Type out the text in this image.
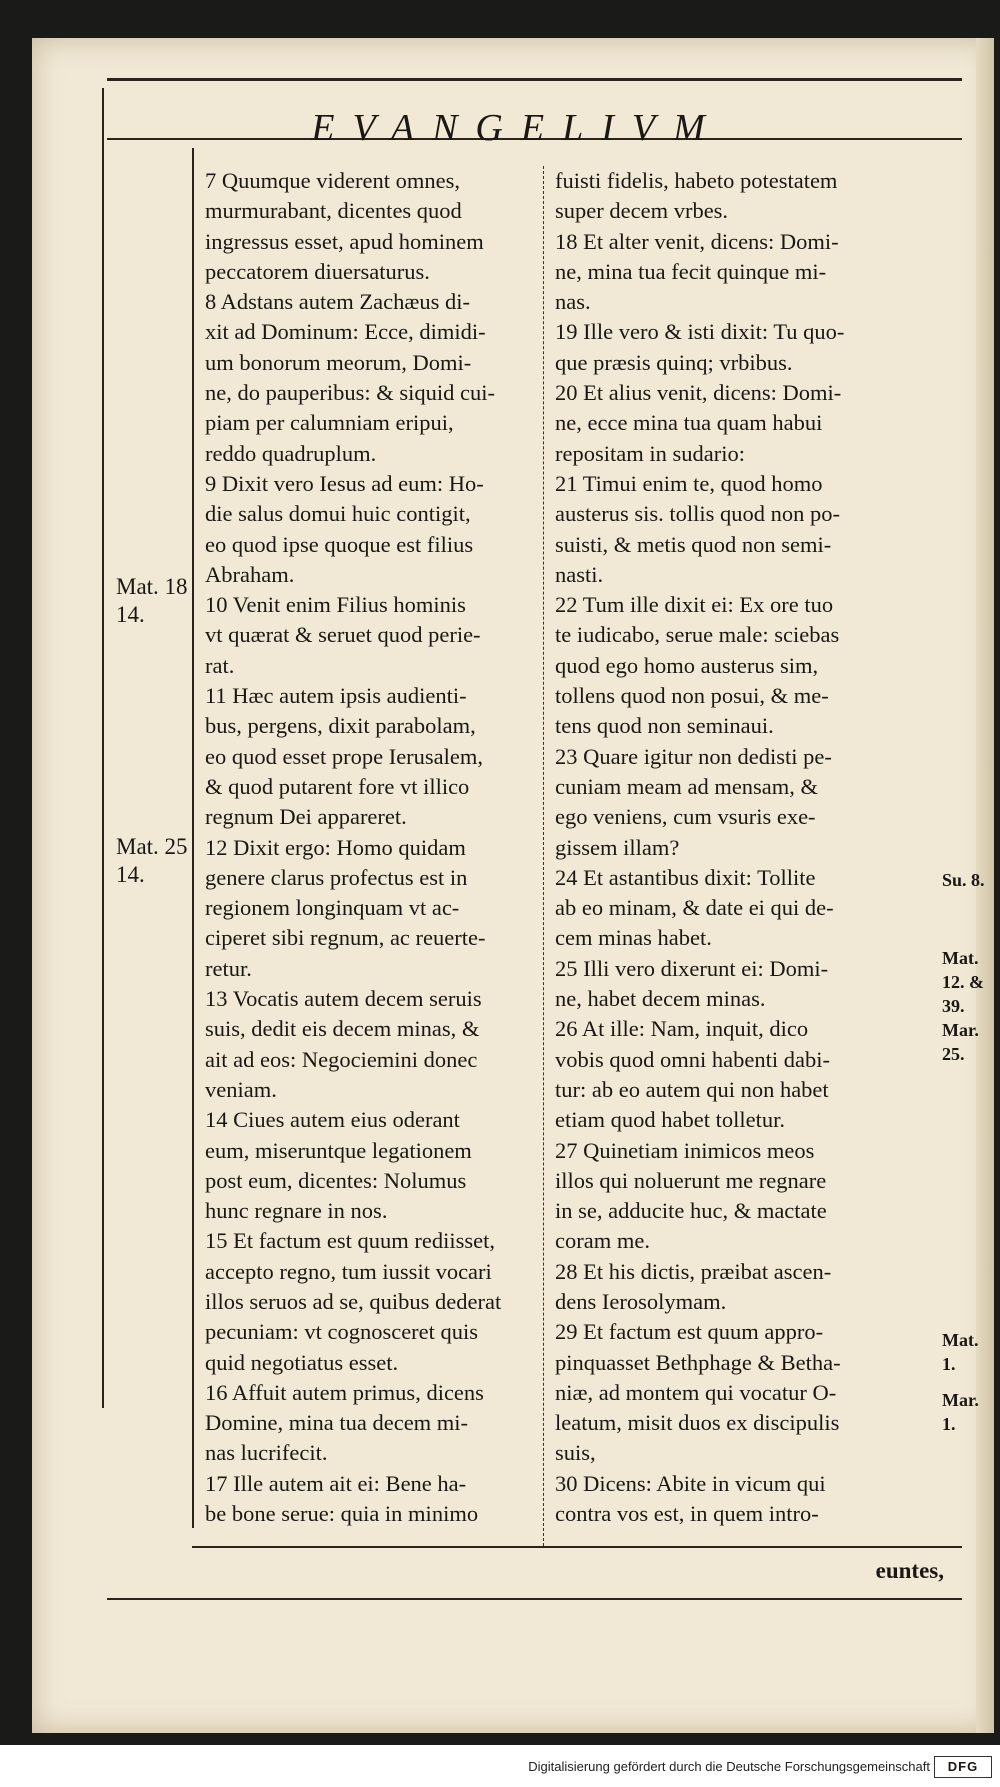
EVANGELIVM
7 Quumque viderent omnes,
murmurabant, dicentes quod
ingressus esset, apud hominem
peccatorem diuersaturus.
8 Adstans autem Zachæus di-
xit ad Dominum: Ecce, dimidi-
um bonorum meorum, Domi-
ne, do pauperibus: & siquid cui-
piam per calumniam eripui,
reddo quadruplum.
9 Dixit vero Iesus ad eum: Ho-
die salus domui huic contigit,
eo quod ipse quoque est filius
Abraham.
10 Venit enim Filius hominis
vt quærat & seruet quod perie-
rat.
11 Hæc autem ipsis audienti-
bus, pergens, dixit parabolam,
eo quod esset prope Ierusalem,
& quod putarent fore vt illico
regnum Dei appareret.
12 Dixit ergo: Homo quidam
genere clarus profectus est in
regionem longinquam vt ac-
ciperet sibi regnum, ac reuerte-
retur.
13 Vocatis autem decem seruis
suis, dedit eis decem minas, &
ait ad eos: Negociemini donec
veniam.
14 Ciues autem eius oderant
eum, miseruntque legationem
post eum, dicentes: Nolumus
hunc regnare in nos.
15 Et factum est quum rediisset,
accepto regno, tum iussit vocari
illos seruos ad se, quibus dederat
pecuniam: vt cognosceret quis
quid negotiatus esset.
16 Affuit autem primus, dicens
Domine, mina tua decem mi-
nas lucrifecit.
17 Ille autem ait ei: Bene ha-
be bone serue: quia in minimo
fuisti fidelis, habeto potestatem
super decem vrbes.
18 Et alter venit, dicens: Domi-
ne, mina tua fecit quinque mi-
nas.
19 Ille vero & isti dixit: Tu quo-
que præsis quinq; vrbibus.
20 Et alius venit, dicens: Domi-
ne, ecce mina tua quam habui
repositam in sudario:
21 Timui enim te, quod homo
austerus sis. tollis quod non po-
suisti, & metis quod non semi-
nasti.
22 Tum ille dixit ei: Ex ore tuo
te iudicabo, serue male: sciebas
quod ego homo austerus sim,
tollens quod non posui, & me-
tens quod non seminaui.
23 Quare igitur non dedisti pe-
cuniam meam ad mensam, &
ego veniens, cum vsuris exe-
gissem illam?
24 Et astantibus dixit: Tollite
ab eo minam, & date ei qui de-
cem minas habet.
25 Illi vero dixerunt ei: Domi-
ne, habet decem minas.
26 At ille: Nam, inquit, dico
vobis quod omni habenti dabi-
tur: ab eo autem qui non habet
etiam quod habet tolletur.
27 Quinetiam inimicos meos
illos qui noluerunt me regnare
in se, adducite huc, & mactate
coram me.
28 Et his dictis, præibat ascen-
dens Ierosolymam.
29 Et factum est quum appro-
pinquasset Bethphage & Betha-
niæ, ad montem qui vocatur O-
leatum, misit duos ex discipulis
suis,
30 Dicens: Abite in vicum qui
contra vos est, in quem intro-
Mat. 18
14.
Mat. 25
14.	Su. 8.
Mat.
12. &
39.
Mar.
25.
Mat.
1.
Mar.
1.
euntes,
Digitalisierung gefördert durch die Deutsche Forschungsgemeinschaft	DFG
